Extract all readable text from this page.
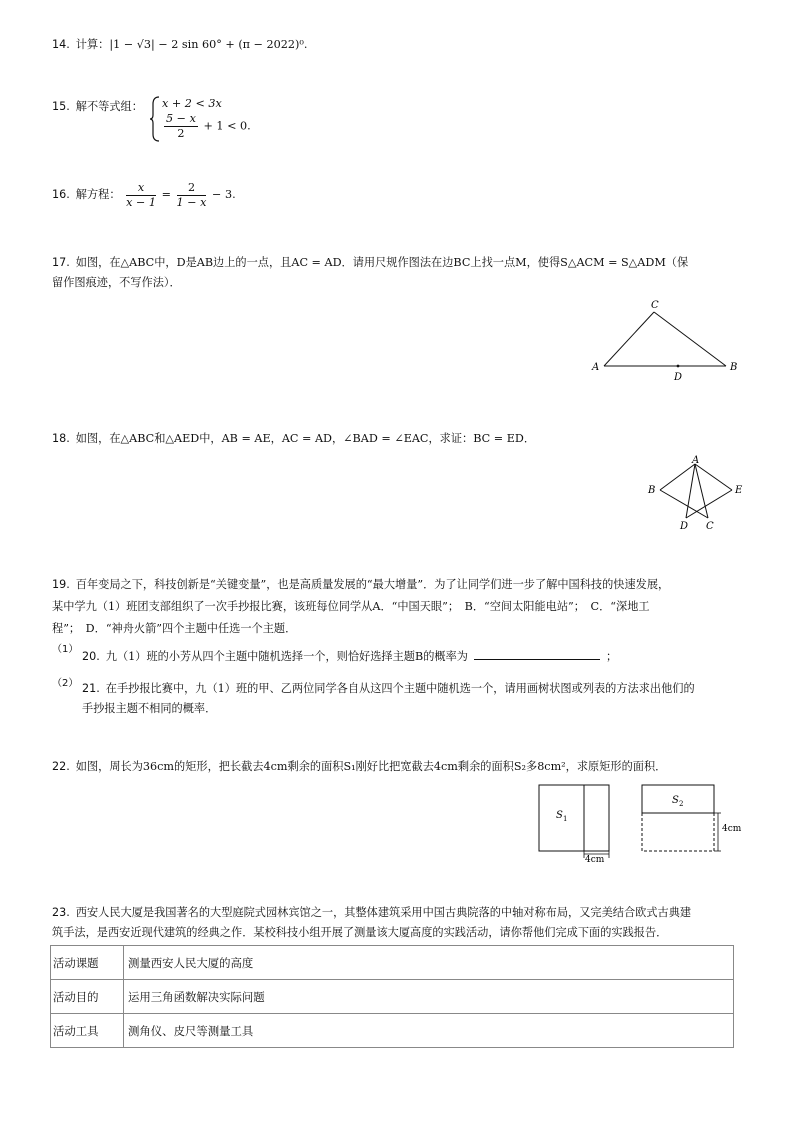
14. 计算：|1 − √3| − 2 sin 60° + (π − 2022)⁰.
15. 解不等式组： x + 2 < 3x
$\frac{5 - x}{2} + 1 < 0$.
16. 解方程： $\frac{x}{x - 1} = \frac{2}{1 - x} - 3$.
17. 如图，在△ABC中，D是AB边上的一点，且AC = AD．请用尺规作图法在边BC上找一点M，使得S△ACM = S△ADM（保
留作图痕迹，不写作法）．
A	B
C
D
18. 如图，在△ABC和△AED中，AB = AE，AC = AD，∠BAD = ∠EAC，求证：BC = ED．
A
B	E
D C
19. 百年变局之下，科技创新是“关键变量”，也是高质量发展的“最大增量”．为了让同学们进一步了解中国科技的快速发展，
某中学九（1）班团支部组织了一次手抄报比赛，该班每位同学从A．“中国天眼”；　B．“空间太阳能电站”；　C．“深地工
程”；　D．“神舟火箭”四个主题中任选一个主题．
（1）
20. 九（1）班的小芳从四个主题中随机选择一个，则恰好选择主题B的概率为	；
（2） 21. 在手抄报比赛中，九（1）班的甲、乙两位同学各自从这四个主题中随机选一个，请用画树状图或列表的方法求出他们的
手抄报主题不相同的概率．
22. 如图，周长为36cm的矩形，把长截去4cm剩余的面积S₁刚好比把宽截去4cm剩余的面积S₂多8cm²，求原矩形的面积．
S 1
4cm
S 2
4cm
23. 西安人民大厦是我国著名的大型庭院式园林宾馆之一，其整体建筑采用中国古典院落的中轴对称布局，又完美结合欧式古典建
筑手法，是西安近现代建筑的经典之作．某校科技小组开展了测量该大厦高度的实践活动，请你帮他们完成下面的实践报告．
活动课题	测量西安人民大厦的高度
活动目的	运用三角函数解决实际问题
活动工具	测角仪、皮尺等测量工具
